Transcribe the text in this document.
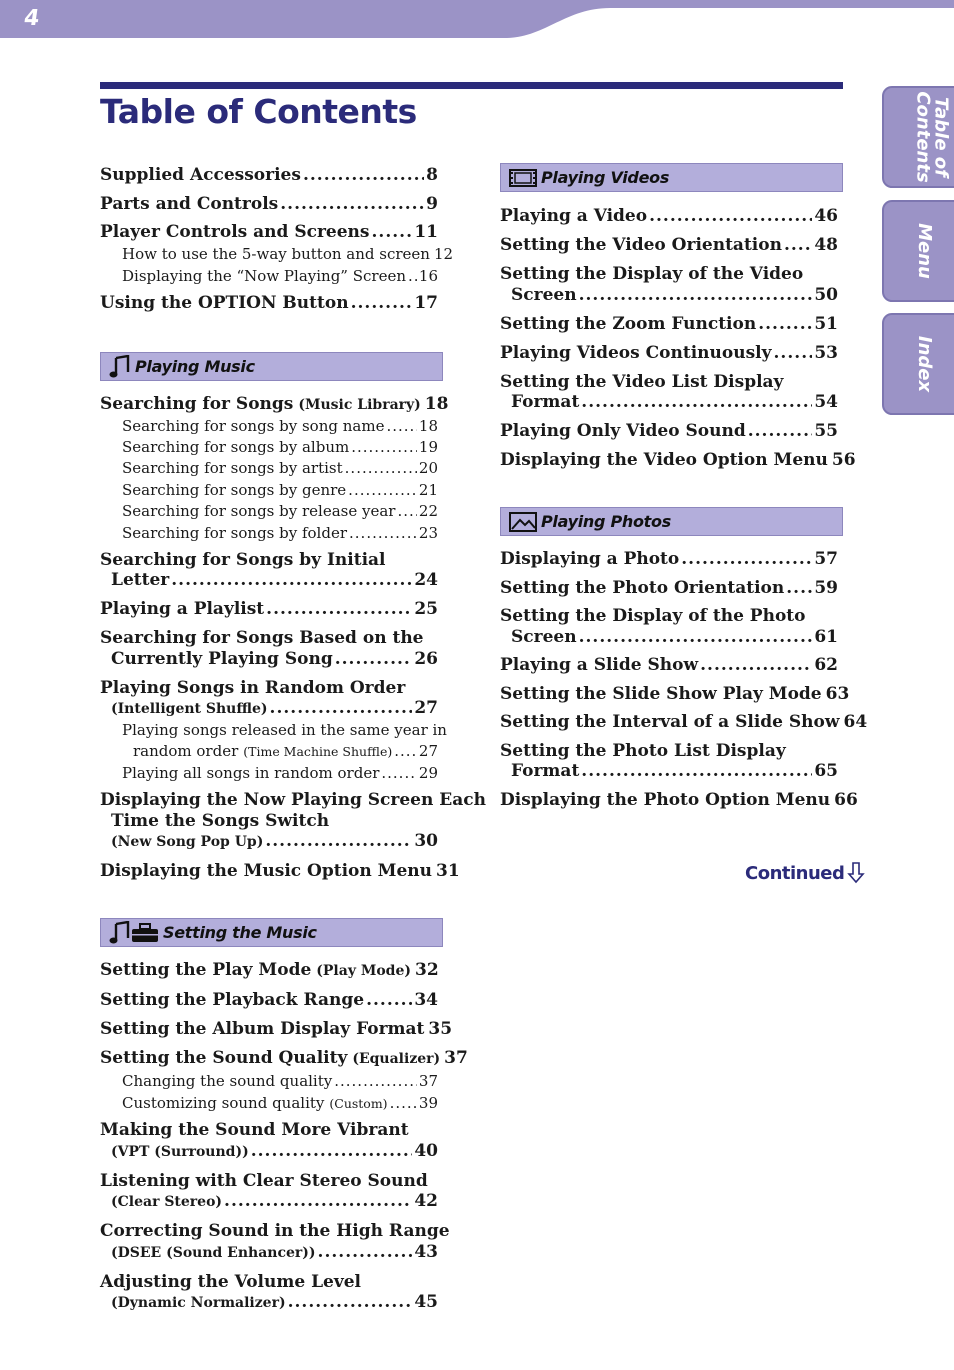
4
Table of Contents	Table of
Contents
Menu
Index
Supplied Accessories .....	8
Parts and Controls .....	9
Player Controls and Screens .....	11
How to use the 5-way button and screen 12
Displaying the “Now Playing” Screen ..... 16
Using the OPTION Button .....	17
Playing Music
Searching for Songs (Music Library) 18
Searching for songs by song name ..... 18
Searching for songs by album .....	19
Searching for songs by artist .....	20
Searching for songs by genre .....	21
Searching for songs by release year ..... 22
Searching for songs by folder .....	23
Searching for Songs by Initial
Letter .....	24
Playing a Playlist .....	25
Searching for Songs Based on the
Currently Playing Song .....	26
Playing Songs in Random Order
(Intelligent Shuffle) .....	27
Playing songs released in the same year in
random order (Time Machine Shuffle) ..... 27
Playing all songs in random order .....	29
Displaying the Now Playing Screen Each
Time the Songs Switch
(New Song Pop Up) .....	30
Displaying the Music Option Menu 31
Setting the Music
Setting the Play Mode (Play Mode) 32
Setting the Playback Range .....	34
Setting the Album Display Format 35
Setting the Sound Quality (Equalizer) 37
Changing the sound quality .....	37
Customizing sound quality (Custom) ..... 39
Making the Sound More Vibrant
(VPT (Surround)) .....	40
Listening with Clear Stereo Sound
(Clear Stereo) .....	42
Correcting Sound in the High Range
(DSEE (Sound Enhancer)) .....	43
Adjusting the Volume Level
(Dynamic Normalizer) .....	45
Playing Videos
Playing a Video .....	46
Setting the Video Orientation ..... 48
Setting the Display of the Video
Screen .....	50
Setting the Zoom Function .....	51
Playing Videos Continuously .....	53
Setting the Video List Display
Format .....	54
Playing Only Video Sound .....	55
Displaying the Video Option Menu 56
Playing Photos
Displaying a Photo .....	57
Setting the Photo Orientation ..... 59
Setting the Display of the Photo
Screen .....	61
Playing a Slide Show .....	62
Setting the Slide Show Play Mode 63
Setting the Interval of a Slide Show 64
Setting the Photo List Display
Format .....	65
Displaying the Photo Option Menu 66
Continued
